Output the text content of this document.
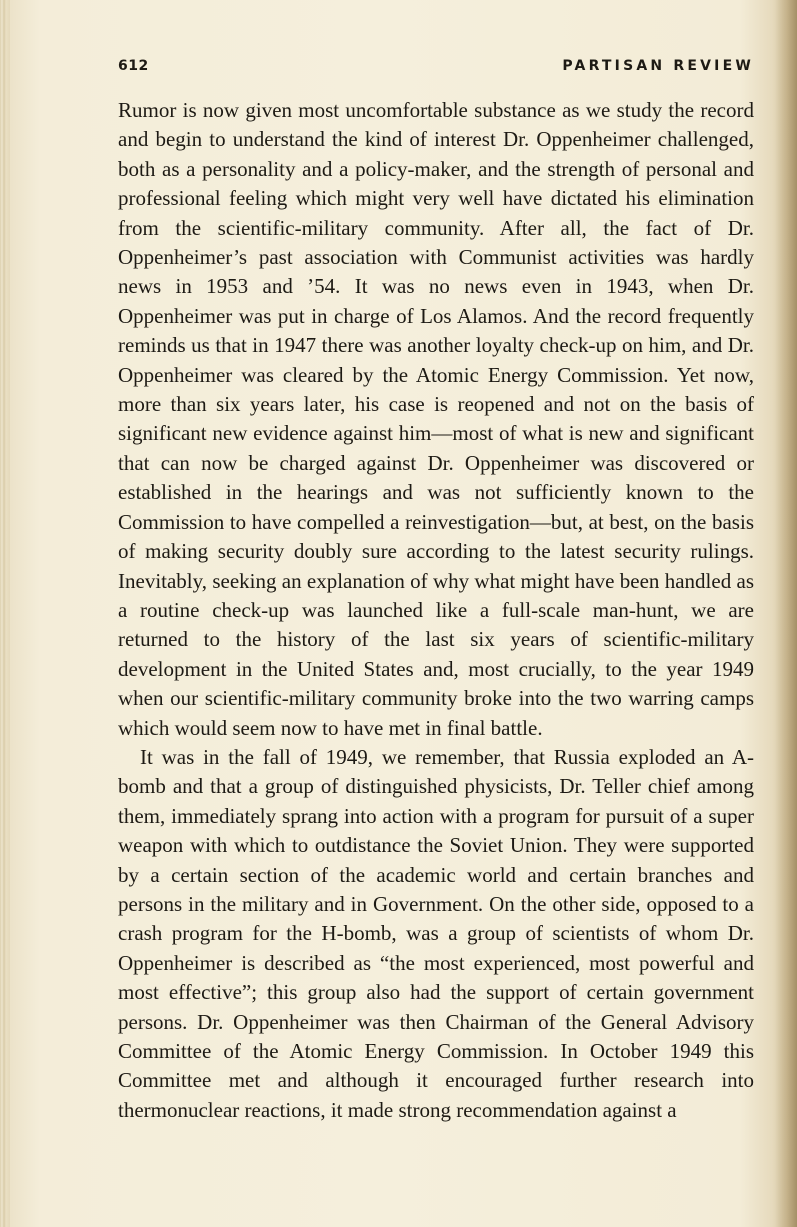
612	PARTISAN REVIEW

Rumor is now given most uncomfortable substance as we study the record and begin to understand the kind of interest Dr. Oppenheimer challenged, both as a personality and a policy-maker, and the strength of personal and professional feeling which might very well have dictated his elimination from the scientific-military community. After all, the fact of Dr. Oppenheimer’s past association with Communist activities was hardly news in 1953 and ’54. It was no news even in 1943, when Dr. Oppenheimer was put in charge of Los Alamos. And the record frequently reminds us that in 1947 there was another loyalty check-up on him, and Dr. Oppenheimer was cleared by the Atomic Energy Commission. Yet now, more than six years later, his case is reopened and not on the basis of significant new evidence against him—most of what is new and significant that can now be charged against Dr. Oppenheimer was discovered or established in the hearings and was not sufficiently known to the Commission to have compelled a reinvestigation—but, at best, on the basis of making security doubly sure according to the latest security rulings. Inevitably, seeking an explanation of why what might have been handled as a routine check-up was launched like a full-scale man-hunt, we are returned to the history of the last six years of scientific-military development in the United States and, most crucially, to the year 1949 when our scientific-military community broke into the two warring camps which would seem now to have met in final battle.

It was in the fall of 1949, we remember, that Russia exploded an A-bomb and that a group of distinguished physicists, Dr. Teller chief among them, immediately sprang into action with a program for pursuit of a super weapon with which to outdistance the Soviet Union. They were supported by a certain section of the academic world and certain branches and persons in the military and in Government. On the other side, opposed to a crash program for the H-bomb, was a group of scientists of whom Dr. Oppenheimer is described as “the most experienced, most powerful and most effective”; this group also had the support of certain government persons. Dr. Oppenheimer was then Chairman of the General Advisory Committee of the Atomic Energy Commission. In October 1949 this Committee met and although it encouraged further research into thermonuclear reactions, it made strong recommendation against a
